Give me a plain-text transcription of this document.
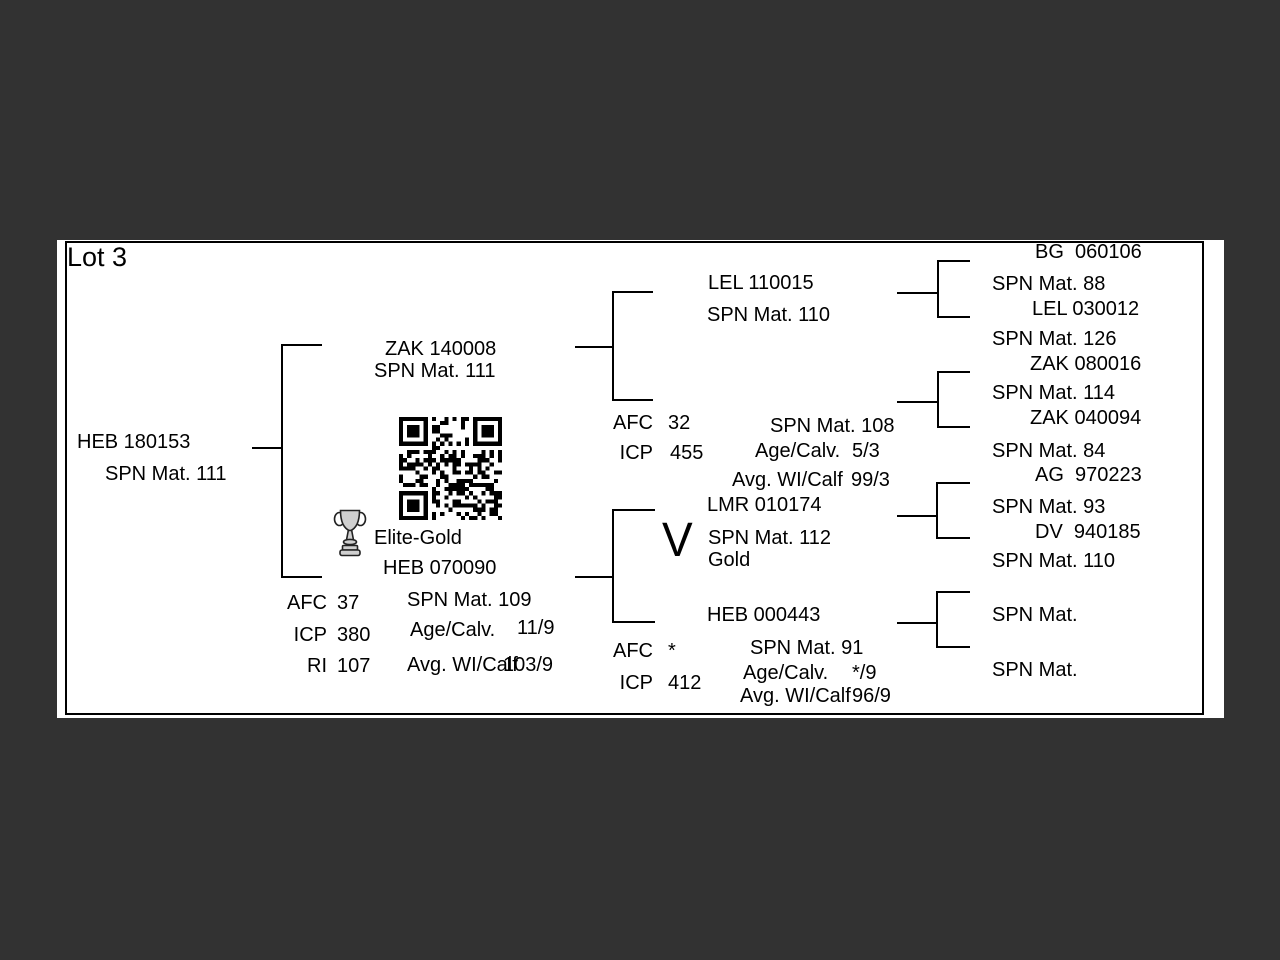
Lot 3
HEB 180153
SPN Mat. 111
ZAK 140008
SPN Mat. 111
Elite-Gold
HEB 070090
AFC 37
ICP 380
RI 107
SPN Mat. 109
Age/Calv. 11/9
Avg. WI/Calf
103/9
LEL 110015
SPN Mat. 110
AFC 32
ICP 455
SPN Mat. 108
Age/Calv. 5/3
Avg. WI/Calf 99/3
LMR 010174
V SPN Mat. 112
Gold
HEB 000443
AFC *
ICP 412
SPN Mat. 91
Age/Calv. */9
Avg. WI/Calf 96/9
BG  060106
SPN Mat. 88
LEL 030012
SPN Mat. 126
ZAK 080016
SPN Mat. 114
ZAK 040094
SPN Mat. 84
AG  970223
SPN Mat. 93
DV  940185
SPN Mat. 110
SPN Mat.
SPN Mat.
